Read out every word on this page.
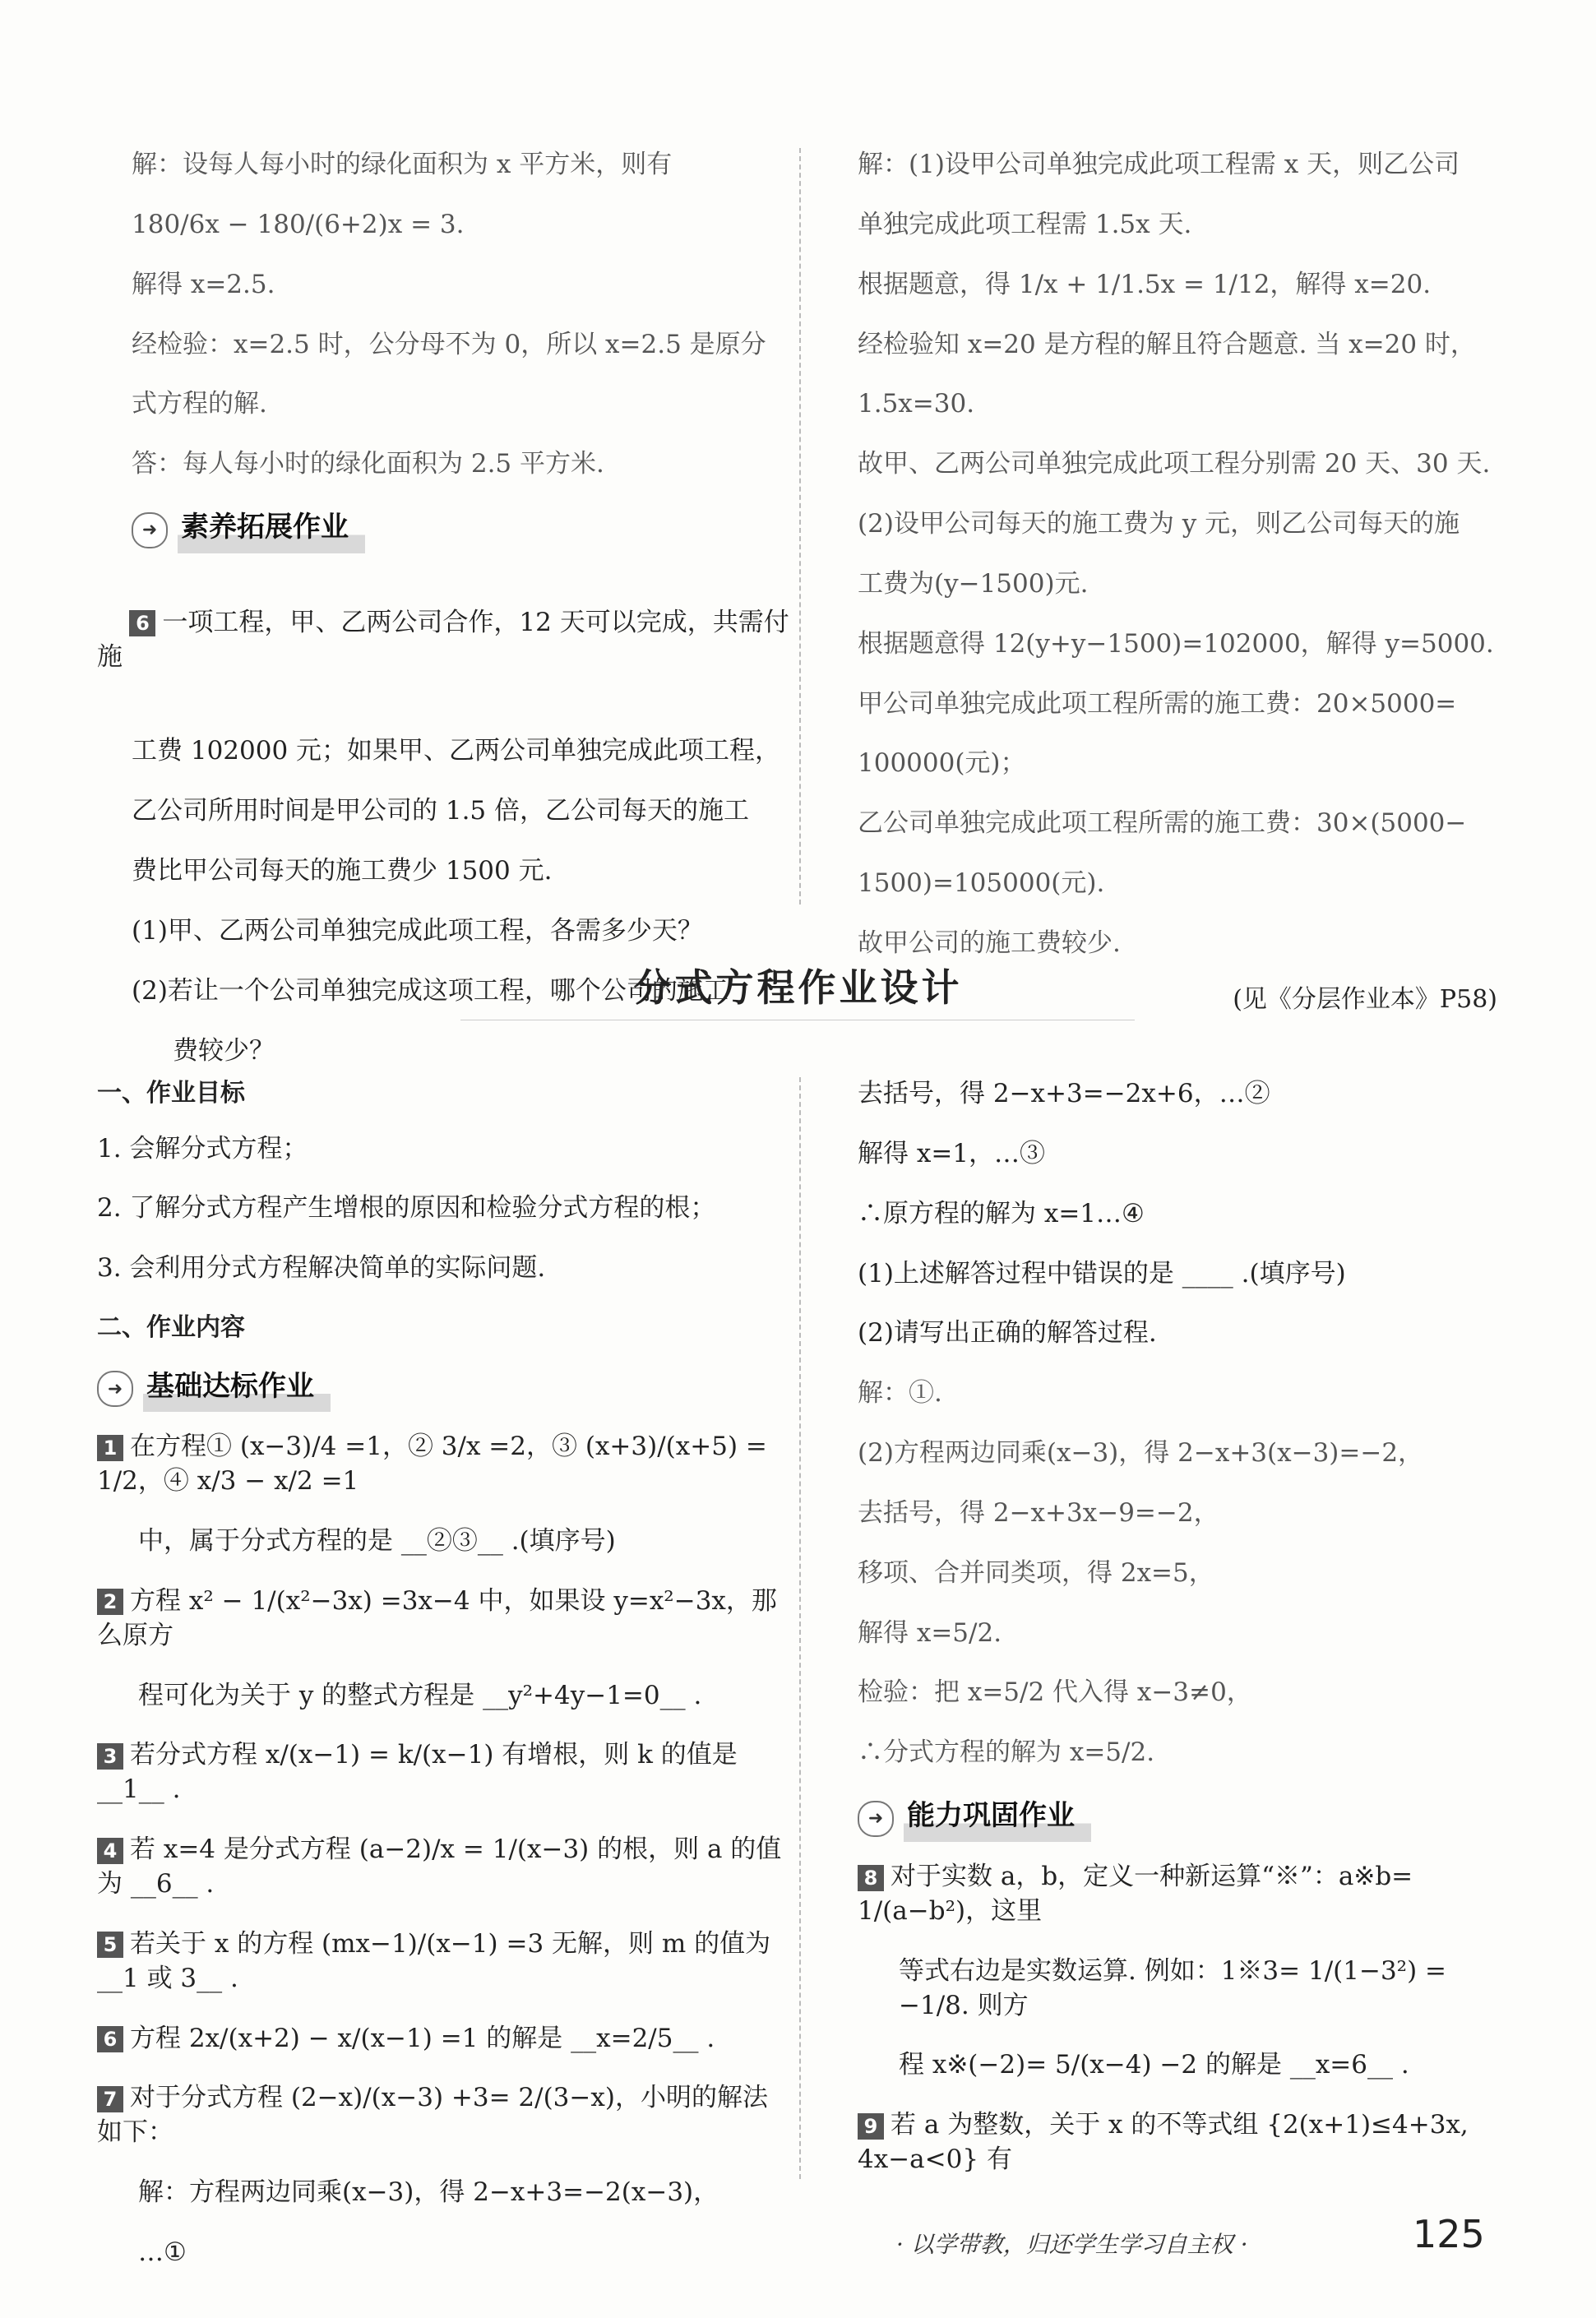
解：设每人每小时的绿化面积为 x 平方米，则有
180/6x − 180/(6+2)x = 3.
解得 x=2.5.
经检验：x=2.5 时，公分母不为 0，所以 x=2.5 是原分
式方程的解.
答：每人每小时的绿化面积为 2.5 平方米.
➜ 素养拓展作业

6 一项工程，甲、乙两公司合作，12 天可以完成，共需付施

工费 102000 元；如果甲、乙两公司单独完成此项工程，
乙公司所用时间是甲公司的 1.5 倍，乙公司每天的施工
费比甲公司每天的施工费少 1500 元.
(1)甲、乙两公司单独完成此项工程，各需多少天？
(2)若让一个公司单独完成这项工程，哪个公司的施工
费较少？
解：(1)设甲公司单独完成此项工程需 x 天，则乙公司
单独完成此项工程需 1.5x 天.
根据题意，得 1/x + 1/1.5x = 1/12，解得 x=20.
经检验知 x=20 是方程的解且符合题意. 当 x=20 时，
1.5x=30.
故甲、乙两公司单独完成此项工程分别需 20 天、30 天.
(2)设甲公司每天的施工费为 y 元，则乙公司每天的施
工费为(y−1500)元.
根据题意得 12(y+y−1500)=102000，解得 y=5000.
甲公司单独完成此项工程所需的施工费：20×5000=
100000(元)；
乙公司单独完成此项工程所需的施工费：30×(5000−
1500)=105000(元).
故甲公司的施工费较少.
分式方程作业设计	(见《分层作业本》P58)
一、作业目标
1. 会解分式方程；
2. 了解分式方程产生增根的原因和检验分式方程的根；
3. 会利用分式方程解决简单的实际问题.
二、作业内容
➜ 基础达标作业
1 在方程① (x−3)/4 =1，② 3/x =2，③ (x+3)/(x+5) = 1/2，④ x/3 − x/2 =1
中，属于分式方程的是 __②③__ .(填序号)
2 方程 x² − 1/(x²−3x) =3x−4 中，如果设 y=x²−3x，那么原方
程可化为关于 y 的整式方程是 __y²+4y−1=0__ .
3 若分式方程 x/(x−1) = k/(x−1) 有增根，则 k 的值是 __1__ .
4 若 x=4 是分式方程 (a−2)/x = 1/(x−3) 的根，则 a 的值为 __6__ .
5 若关于 x 的方程 (mx−1)/(x−1) =3 无解，则 m 的值为 __1 或 3__ .
6 方程 2x/(x+2) − x/(x−1) =1 的解是 __x=2/5__ .
7 对于分式方程 (2−x)/(x−3) +3= 2/(3−x)，小明的解法如下：
解：方程两边同乘(x−3)，得 2−x+3=−2(x−3)，
…①
去括号，得 2−x+3=−2x+6，…②
解得 x=1，…③
∴原方程的解为 x=1…④
(1)上述解答过程中错误的是 ____ .(填序号)
(2)请写出正确的解答过程.
解：①.
(2)方程两边同乘(x−3)，得 2−x+3(x−3)=−2，
去括号，得 2−x+3x−9=−2，
移项、合并同类项，得 2x=5，
解得 x=5/2.
检验：把 x=5/2 代入得 x−3≠0，
∴分式方程的解为 x=5/2.
➜ 能力巩固作业
8 对于实数 a，b，定义一种新运算“※”：a※b= 1/(a−b²)，这里
等式右边是实数运算. 例如：1※3= 1/(1−3²) = −1/8. 则方
程 x※(−2)= 5/(x−4) −2 的解是 __x=6__ .
9 若 a 为整数，关于 x 的不等式组 {2(x+1)≤4+3x, 4x−a<0} 有
· 以学带教，归还学生学习自主权 ·	125
